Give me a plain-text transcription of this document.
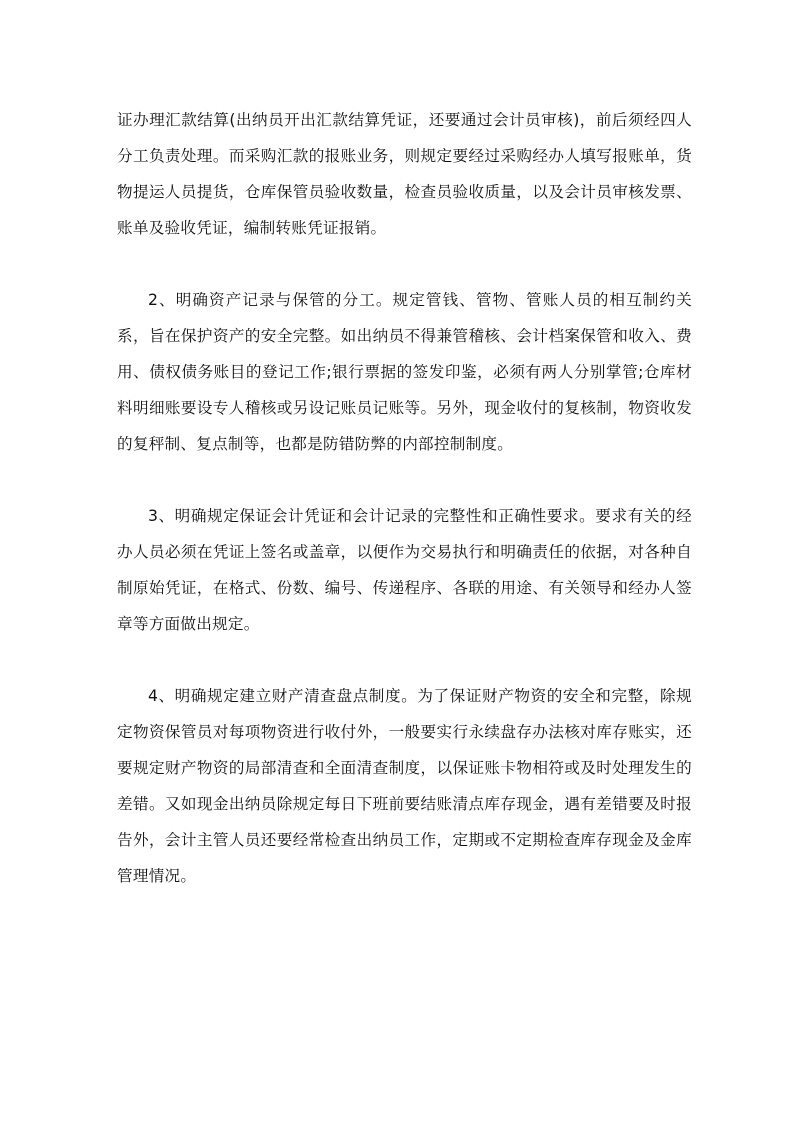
证办理汇款结算(出纳员开出汇款结算凭证，还要通过会计员审核)，前后须经四人分工负责处理。而采购汇款的报账业务，则规定要经过采购经办人填写报账单，货物提运人员提货，仓库保管员验收数量，检查员验收质量，以及会计员审核发票、账单及验收凭证，编制转账凭证报销。

2、明确资产记录与保管的分工。规定管钱、管物、管账人员的相互制约关系，旨在保护资产的安全完整。如出纳员不得兼管稽核、会计档案保管和收入、费用、债权债务账目的登记工作;银行票据的签发印鉴，必须有两人分别掌管;仓库材料明细账要设专人稽核或另设记账员记账等。另外，现金收付的复核制，物资收发的复秤制、复点制等，也都是防错防弊的内部控制制度。

3、明确规定保证会计凭证和会计记录的完整性和正确性要求。要求有关的经办人员必须在凭证上签名或盖章，以便作为交易执行和明确责任的依据，对各种自制原始凭证，在格式、份数、编号、传递程序、各联的用途、有关领导和经办人签章等方面做出规定。

4、明确规定建立财产清查盘点制度。为了保证财产物资的安全和完整，除规定物资保管员对每项物资进行收付外，一般要实行永续盘存办法核对库存账实，还要规定财产物资的局部清查和全面清查制度，以保证账卡物相符或及时处理发生的差错。又如现金出纳员除规定每日下班前要结账清点库存现金，遇有差错要及时报告外，会计主管人员还要经常检查出纳员工作，定期或不定期检查库存现金及金库管理情况。
